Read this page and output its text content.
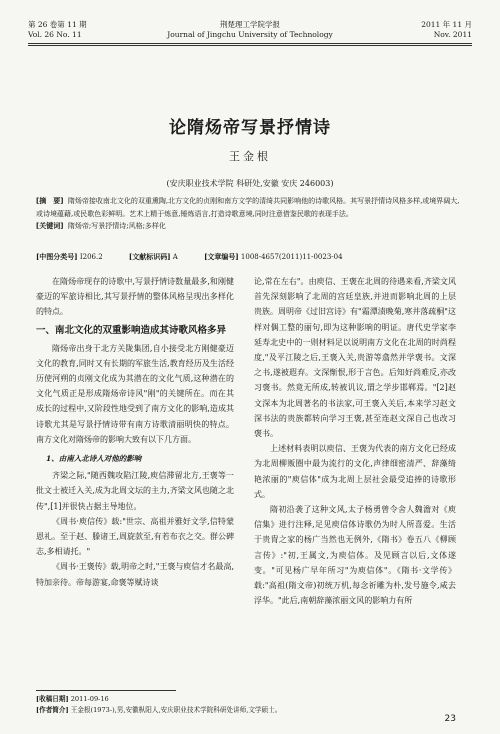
第 26 卷第 11 期
Vol. 26 No. 11
荆楚理工学院学报
Journal of Jingchu University of Technology
2011 年 11 月
Nov. 2011
论隋炀帝写景抒情诗
王金根
(安庆职业技术学院 科研处,安徽 安庆 246003)
[摘　要] 隋炀帝接收南北文化的双重熏陶,北方文化的贞刚和南方文学的清绮共同影响他的诗歌风格。其写景抒情诗风格多样,或境界阔大,或诗境蕴藉,或民歌色彩鲜明。艺术上精于炼意,锤炼语言,打造诗歌意境,同时注意借鉴民歌的表现手法。
[关键词] 隋炀帝;写景抒情诗;风格;多样化
[中图分类号] I206.2	[文献标识码] A	[文章编号] 1008-4657(2011)11-0023-04

在隋炀帝现存的诗歌中,写景抒情诗数量最多,和刚健豪迈的军旅诗相比,其写景抒情的整体风格呈现出多样化的特点。

一、南北文化的双重影响造成其诗歌风格多异

隋炀帝出身于北方关陇集团,自小接受北方刚健豪迈文化的教育,同时又有长期的军旅生活,教育经历及生活经历使河朔的贞刚文化成为其潜在的文化气质,这种潜在的文化气质正是形成隋炀帝诗风"刚"的关键所在。而在其成长的过程中,又阶段性地受到了南方文化的影响,造成其诗歌尤其是写景抒情诗带有南方诗歌清丽明快的特点。南方文化对隋炀帝的影响大致有以下几方面。

1、由南入北诗人对他的影响

齐梁之际,"随西魏攻陷江陵,庾信滞留北方,王褒等一批文士被迁入关,成为北周文坛的主力,齐梁文风也随之北传",[1]并很快占据主导地位。

《周书·庾信传》载:"世宗、高祖并雅好文学,信特蒙恩礼。至于赵、滕诸王,周旋款至,有若布衣之交。群公碑志,多相请托。"

《周书·王褒传》载,明帝之时,"王褒与庾信才名最高,特加亲待。帝每游宴,命褒等赋诗谈

论,常在左右"。由庾信、王褒在北周的待遇来看,齐梁文风首先深刻影响了北周的宫廷皇族,并进而影响北周的上层贵族。周明帝《过旧宫诗》有"霜潭渍晚菊,寒井落疏桐"这样对偶工整的丽句,即为这种影响的明证。唐代史学家李延寿北史中的一则材料足以说明南方文化在北周的时尚程度,"及平江陵之后,王褒入关,贵游等翕然并学褒书。文深之书,遂被遐弃。文深惭恨,形于言色。后知好尚难反,亦改习褒书。然竟无所成,转被讥议,谓之学步邯郸焉。"[2]赵文深本为北周著名的书法家,可王褒入关后,本来学习赵文深书法的贵族都转向学习王褒,甚至连赵文深自己也改习褒书。

上述材料表明以庾信、王褒为代表的南方文化已经成为北周柳贩圈中最为流行的文化,声律细密清严、辞藻绮艳浓丽的"庾信体"成为北周上层社会最受追捧的诗歌形式。

隋初沿袭了这种文风,太子杨勇曾令舍人魏澹对《庾信集》进行注释,足见庾信体诗歌仍为时人所喜爱。生活于贵胄之家的杨广当然也无例外,《隋书》卷五八《柳顾言传》:"初,王属文,为庾信体。及见顾言以后,文体遂变。"可见杨广早年所习"为庾信体"。《隋书·文学传》载:"高祖(隋文帝)初统万机,每念祈雕为朴,发号施令,咸去浮华。"此后,南朝辞藻浓丽文风的影响力有所

[收稿日期] 2011-09-16
[作者简介] 王金根(1973-),男,安徽枞阳人,安庆职业技术学院科研处讲师,文学硕士。
23
